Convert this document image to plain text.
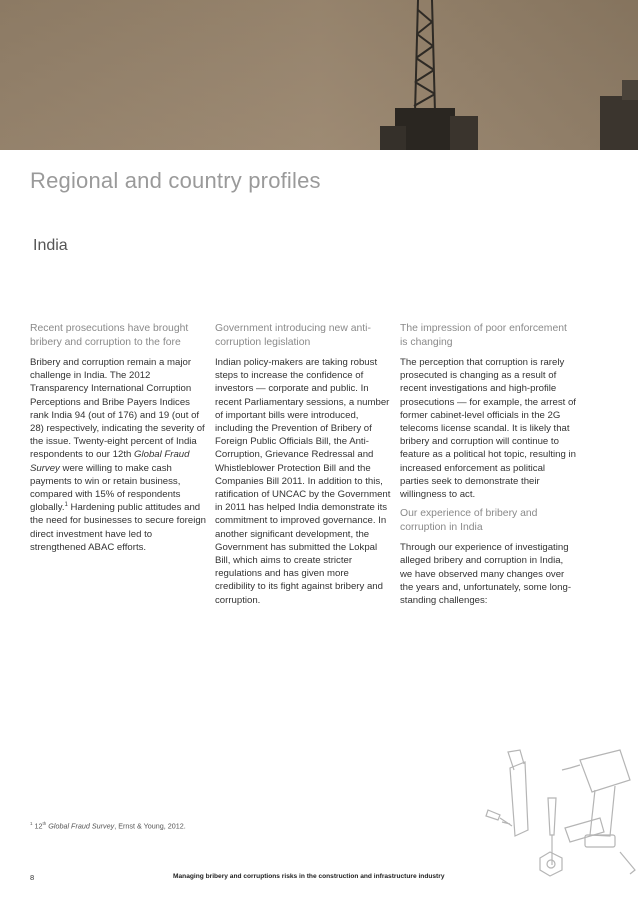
Regional and country profiles
India
Recent prosecutions have brought bribery and corruption to the fore

Bribery and corruption remain a major challenge in India. The 2012 Transparency International Corruption Perceptions and Bribe Payers Indices rank India 94 (out of 176) and 19 (out of 28) respectively, indicating the severity of the issue. Twenty-eight percent of India respondents to our 12th Global Fraud Survey were willing to make cash payments to win or retain business, compared with 15% of respondents globally.$^1$ Hardening public attitudes and the need for businesses to secure foreign direct investment have led to strengthened ABAC efforts.

Government introducing new anti-corruption legislation

Indian policy-makers are taking robust steps to increase the confidence of investors — corporate and public. In recent Parliamentary sessions, a number of important bills were introduced, including the Prevention of Bribery of Foreign Public Officials Bill, the Anti-Corruption, Grievance Redressal and Whistleblower Protection Bill and the Companies Bill 2011. In addition to this, ratification of UNCAC by the Government in 2011 has helped India demonstrate its commitment to improved governance. In another significant development, the Government has submitted the Lokpal Bill, which aims to create stricter regulations and has given more credibility to its fight against bribery and corruption.

The impression of poor enforcement is changing

The perception that corruption is rarely prosecuted is changing as a result of recent investigations and high-profile prosecutions — for example, the arrest of former cabinet-level officials in the 2G telecoms license scandal. It is likely that bribery and corruption will continue to feature as a political hot topic, resulting in increased enforcement as political parties seek to demonstrate their willingness to act.

Our experience of bribery and corruption in India

Through our experience of investigating alleged bribery and corruption in India, we have observed many changes over the years and, unfortunately, some long-standing challenges:

$^1$ 12th Global Fraud Survey, Ernst & Young, 2012.
8	Managing bribery and corruptions risks in the construction and infrastructure industry
